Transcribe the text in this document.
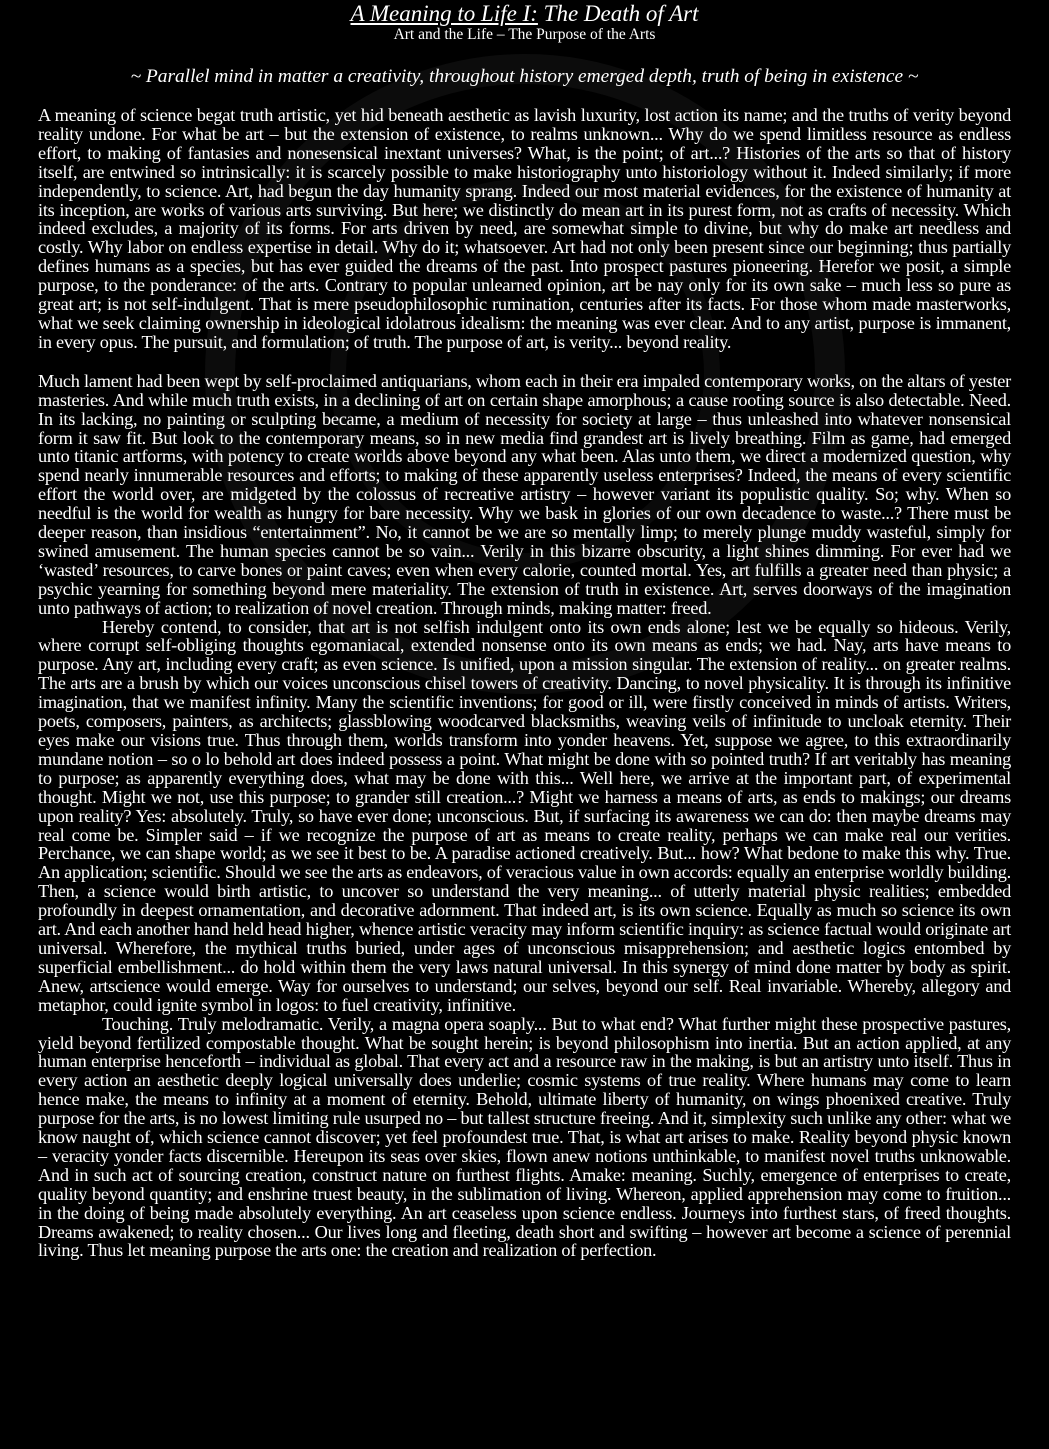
A Meaning to Life I: The Death of Art
Art and the Life – The Purpose of the Arts
~ Parallel mind in matter a creativity, throughout history emerged depth, truth of being in existence ~

A meaning of science begat truth artistic, yet hid beneath aesthetic as lavish luxurity, lost action its name; and the truths of verity beyond reality undone. For what be art – but the extension of existence, to realms unknown... Why do we spend limitless resource as endless effort, to making of fantasies and nonesensical inextant universes? What, is the point; of art...? Histories of the arts so that of history itself, are entwined so intrinsically: it is scarcely possible to make historiography unto historiology without it. Indeed similarly; if more independently, to science. Art, had begun the day humanity sprang. Indeed our most material evidences, for the existence of humanity at its inception, are works of various arts surviving. But here; we distinctly do mean art in its purest form, not as crafts of necessity. Which indeed excludes, a majority of its forms. For arts driven by need, are somewhat simple to divine, but why do make art needless and costly. Why labor on endless expertise in detail. Why do it; whatsoever. Art had not only been present since our beginning; thus partially defines humans as a species, but has ever guided the dreams of the past. Into prospect pastures pioneering. Herefor we posit, a simple purpose, to the ponderance: of the arts. Contrary to popular unlearned opinion, art be nay only for its own sake – much less so pure as great art; is not self-indulgent. That is mere pseudophilosophic rumination, centuries after its facts. For those whom made masterworks, what we seek claiming ownership in ideological idolatrous idealism: the meaning was ever clear. And to any artist, purpose is immanent, in every opus. The pursuit, and formulation; of truth. The purpose of art, is verity... beyond reality.

Much lament had been wept by self-proclaimed antiquarians, whom each in their era impaled contemporary works, on the altars of yester masteries. And while much truth exists, in a declining of art on certain shape amorphous; a cause rooting source is also detectable. Need. In its lacking, no painting or sculpting became, a medium of necessity for society at large – thus unleashed into whatever nonsensical form it saw fit. But look to the contemporary means, so in new media find grandest art is lively breathing. Film as game, had emerged unto titanic artforms, with potency to create worlds above beyond any what been. Alas unto them, we direct a modernized question, why spend nearly innumerable resources and efforts; to making of these apparently useless enterprises? Indeed, the means of every scientific effort the world over, are midgeted by the colossus of recreative artistry – however variant its populistic quality. So; why. When so needful is the world for wealth as hungry for bare necessity. Why we bask in glories of our own decadence to waste...? There must be deeper reason, than insidious “entertainment”. No, it cannot be we are so mentally limp; to merely plunge muddy wasteful, simply for swined amusement. The human species cannot be so vain... Verily in this bizarre obscurity, a light shines dimming. For ever had we ‘wasted’ resources, to carve bones or paint caves; even when every calorie, counted mortal. Yes, art fulfills a greater need than physic; a psychic yearning for something beyond mere materiality. The extension of truth in existence. Art, serves doorways of the imagination unto pathways of action; to realization of novel creation. Through minds, making matter: freed.

Hereby contend, to consider, that art is not selfish indulgent onto its own ends alone; lest we be equally so hideous. Verily, where corrupt self-obliging thoughts egomaniacal, extended nonsense onto its own means as ends; we had. Nay, arts have means to purpose. Any art, including every craft; as even science. Is unified, upon a mission singular. The extension of reality... on greater realms. The arts are a brush by which our voices unconscious chisel towers of creativity. Dancing, to novel physicality. It is through its infinitive imagination, that we manifest infinity. Many the scientific inventions; for good or ill, were firstly conceived in minds of artists. Writers, poets, composers, painters, as architects; glassblowing woodcarved blacksmiths, weaving veils of infinitude to uncloak eternity. Their eyes make our visions true. Thus through them, worlds transform into yonder heavens. Yet, suppose we agree, to this extraordinarily mundane notion – so o lo behold art does indeed possess a point. What might be done with so pointed truth? If art veritably has meaning to purpose; as apparently everything does, what may be done with this... Well here, we arrive at the important part, of experimental thought. Might we not, use this purpose; to grander still creation...? Might we harness a means of arts, as ends to makings; our dreams upon reality? Yes: absolutely. Truly, so have ever done; unconscious. But, if surfacing its awareness we can do: then maybe dreams may real come be. Simpler said – if we recognize the purpose of art as means to create reality, perhaps we can make real our verities. Perchance, we can shape world; as we see it best to be. A paradise actioned creatively. But... how? What bedone to make this why. True. An application; scientific. Should we see the arts as endeavors, of veracious value in own accords: equally an enterprise worldly building. Then, a science would birth artistic, to uncover so understand the very meaning... of utterly material physic realities; embedded profoundly in deepest ornamentation, and decorative adornment. That indeed art, is its own science. Equally as much so science its own art. And each another hand held head higher, whence artistic veracity may inform scientific inquiry: as science factual would originate art universal. Wherefore, the mythical truths buried, under ages of unconscious misapprehension; and aesthetic logics entombed by superficial embellishment... do hold within them the very laws natural universal. In this synergy of mind done matter by body as spirit. Anew, artscience would emerge. Way for ourselves to understand; our selves, beyond our self. Real invariable. Whereby, allegory and metaphor, could ignite symbol in logos: to fuel creativity, infinitive.

Touching. Truly melodramatic. Verily, a magna opera soaply... But to what end? What further might these prospective pastures, yield beyond fertilized compostable thought. What be sought herein; is beyond philosophism into inertia. But an action applied, at any human enterprise henceforth – individual as global. That every act and a resource raw in the making, is but an artistry unto itself. Thus in every action an aesthetic deeply logical universally does underlie; cosmic systems of true reality. Where humans may come to learn hence make, the means to infinity at a moment of eternity. Behold, ultimate liberty of humanity, on wings phoenixed creative. Truly purpose for the arts, is no lowest limiting rule usurped no – but tallest structure freeing. And it, simplexity such unlike any other: what we know naught of, which science cannot discover; yet feel profoundest true. That, is what art arises to make. Reality beyond physic known – veracity yonder facts discernible. Hereupon its seas over skies, flown anew notions unthinkable, to manifest novel truths unknowable. And in such act of sourcing creation, construct nature on furthest flights. Amake: meaning. Suchly, emergence of enterprises to create, quality beyond quantity; and enshrine truest beauty, in the sublimation of living. Whereon, applied apprehension may come to fruition... in the doing of being made absolutely everything. An art ceaseless upon science endless. Journeys into furthest stars, of freed thoughts. Dreams awakened; to reality chosen... Our lives long and fleeting, death short and swifting – however art become a science of perennial living. Thus let meaning purpose the arts one: the creation and realization of perfection.
